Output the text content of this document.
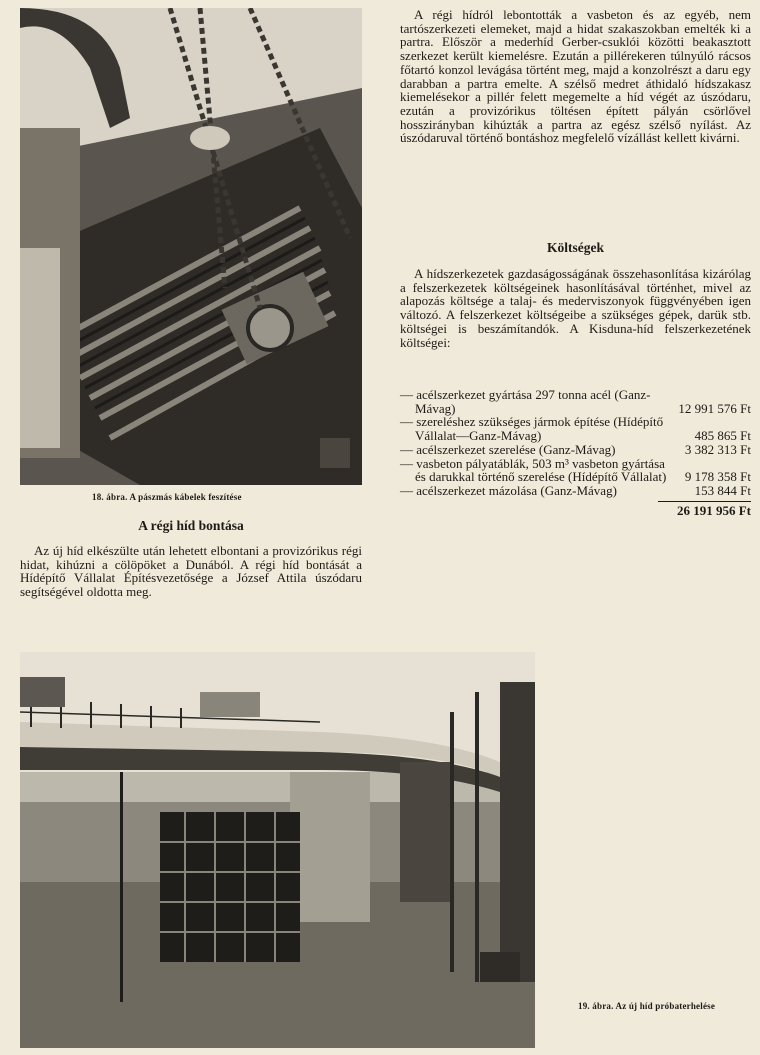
18. ábra. A pászmás kábelek feszítése
A régi híd bontása

Az új híd elkészülte után lehetett elbontani a provizórikus régi hidat, kihúzni a cölöpöket a Dunából. A régi híd bontását a Hídépítő Vállalat Építésvezetősége a József Attila úszódaru segítségével oldotta meg.

A régi hídról lebontották a vasbeton és az egyéb, nem tartószerkezeti elemeket, majd a hidat szakaszokban emelték ki a partra. Először a mederhíd Gerber-csuklói közötti beakasztott szerkezet került kiemelésre. Ezután a pillérekeren túlnyúló rácsos főtartó konzol levágása történt meg, majd a konzolrészt a daru egy darabban a partra emelte. A szélső medret áthidaló hídszakasz kiemelésekor a pillér felett megemelte a híd végét az úszódaru, ezután a provizórikus töltésen épített pályán csörlővel hosszirányban kihúzták a partra az egész szélső nyílást. Az úszódaruval történő bontáshoz megfelelő vízállást kellett kivárni.

Költségek

A hídszerkezetek gazdaságosságának összehasonlítása kizárólag a felszerkezetek költségeinek hasonlításával történhet, mivel az alapozás költsége a talaj- és mederviszonyok függvényében igen változó. A felszerkezet költségeibe a szükséges gépek, darük stb. költségei is beszámítandók. A Kisduna-híd felszerkezetének költségei:

— acélszerkezet gyártása 297 tonna acél (Ganz-Mávag)	12 991 576 Ft
— szereléshez szükséges jármok építése (Hídépítő Vállalat—Ganz-Mávag)	485 865 Ft
— acélszerkezet szerelése (Ganz-Mávag)	3 382 313 Ft
— vasbeton pályatáblák, 503 m³ vasbeton gyártása és darukkal történő szerelése (Hídépítő Vállalat) 9 178 358 Ft
— acélszerkezet mázolása (Ganz-Mávag)	153 844 Ft
26 191 956 Ft
19. ábra. Az új híd próbaterhelése
